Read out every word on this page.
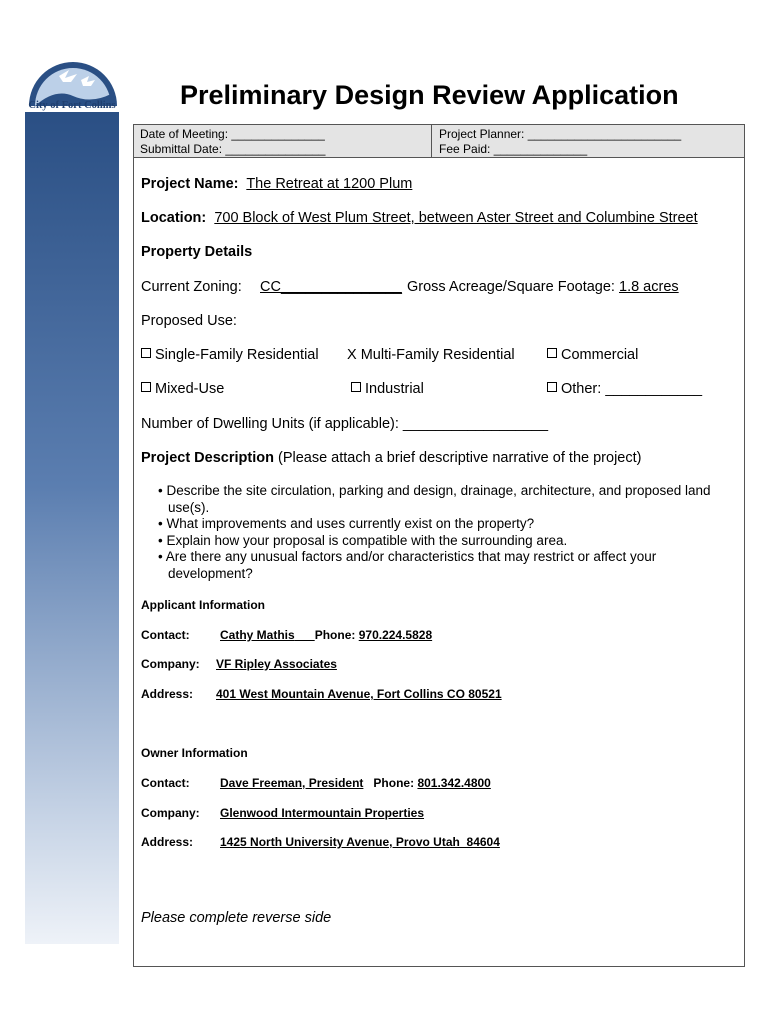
City of Fort Collins Preliminary Design Review Application
Date of Meeting: ______________
Submittal Date: _______________
Project Planner: _______________________
Fee Paid: ______________
Project Name: The Retreat at 1200 Plum
Location: 700 Block of West Plum Street, between Aster Street and Columbine Street
Property Details
Current Zoning: CC_______________ Gross Acreage/Square Footage: 1.8 acres
Proposed Use:
Single-Family Residential X Multi-Family Residential	Commercial
Mixed-Use	Industrial	Other: ____________
Number of Dwelling Units (if applicable): __________________
Project Description (Please attach a brief descriptive narrative of the project)
• Describe the site circulation, parking and design, drainage, architecture, and proposed land use(s).
• What improvements and uses currently exist on the property?
• Explain how your proposal is compatible with the surrounding area.
• Are there any unusual factors and/or characteristics that may restrict or affect your development?
Applicant Information
Contact:	Cathy Mathis Phone: 970.224.5828
Company: VF Ripley Associates
Address: 401 West Mountain Avenue, Fort Collins CO 80521
Owner Information
Contact:	Dave Freeman, President Phone: 801.342.4800
Company: Glenwood Intermountain Properties
Address: 1425 North University Avenue, Provo Utah  84604
Please complete reverse side
